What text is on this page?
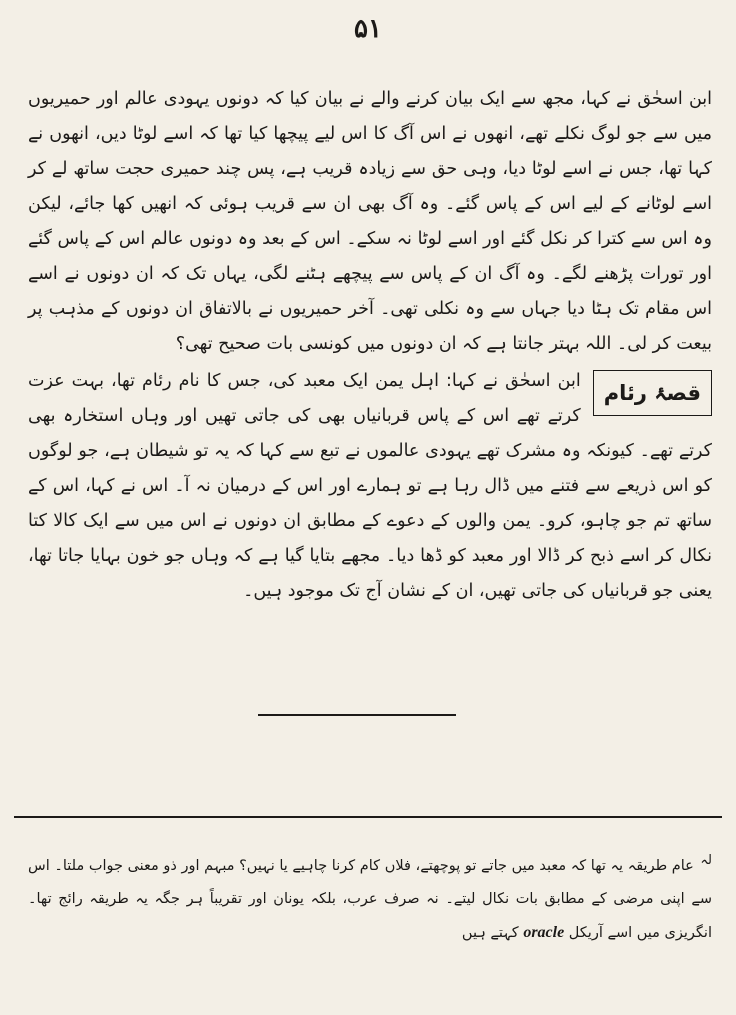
۵۱

ابن اسحٰق نے کہا، مجھ سے ایک بیان کرنے والے نے بیان کیا کہ دونوں یہودی عالم اور حمیریوں میں سے جو لوگ نکلے تھے، انھوں نے اس آگ کا اس لیے پیچھا کیا تھا کہ اسے لوٹا دیں، انھوں نے کہا تھا، جس نے اسے لوٹا دیا، وہی حق سے زیادہ قریب ہے، پس چند حمیری حجت ساتھ لے کر اسے لوٹانے کے لیے اس کے پاس گئے۔ وہ آگ بھی ان سے قریب ہوئی کہ انھیں کھا جائے، لیکن وہ اس سے کترا کر نکل گئے اور اسے لوٹا نہ سکے۔ اس کے بعد وہ دونوں عالم اس کے پاس گئے اور تورات پڑھنے لگے۔ وہ آگ ان کے پاس سے پیچھے ہٹنے لگی، یہاں تک کہ ان دونوں نے اسے اس مقام تک ہٹا دیا جہاں سے وہ نکلی تھی۔ آخر حمیریوں نے بالاتفاق ان دونوں کے مذہب پر بیعت کر لی۔ اللہ بہتر جانتا ہے کہ ان دونوں میں کونسی بات صحیح تھی؟

قصۂ رئام

ابن اسحٰق نے کہا: اہل یمن ایک معبد کی، جس کا نام رئام تھا، بہت عزت کرتے تھے اس کے پاس قربانیاں بھی کی جاتی تھیں اور وہاں استخارہ بھی کرتے تھے۔ کیونکہ وہ مشرک تھے یہودی عالموں نے تبع سے کہا کہ یہ تو شیطان ہے، جو لوگوں کو اس ذریعے سے فتنے میں ڈال رہا ہے تو ہمارے اور اس کے درمیان نہ آ۔ اس نے کہا، اس کے ساتھ تم جو چاہو، کرو۔ یمن والوں کے دعوے کے مطابق ان دونوں نے اس میں سے ایک کالا کتا نکال کر اسے ذبح کر ڈالا اور معبد کو ڈھا دیا۔ مجھے بتایا گیا ہے کہ وہاں جو خون بہایا جاتا تھا، یعنی جو قربانیاں کی جاتی تھیں، ان کے نشان آج تک موجود ہیں۔

لہ عام طریقہ یہ تھا کہ معبد میں جاتے تو پوچھتے، فلاں کام کرنا چاہیے یا نہیں؟ مبہم اور ذو معنی جواب ملتا۔ اس سے اپنی مرضی کے مطابق بات نکال لیتے۔ نہ صرف عرب، بلکہ یونان اور تقریباً ہر جگہ یہ طریقہ رائج تھا۔ انگریزی میں اسے آریکل oracle کہتے ہیں
